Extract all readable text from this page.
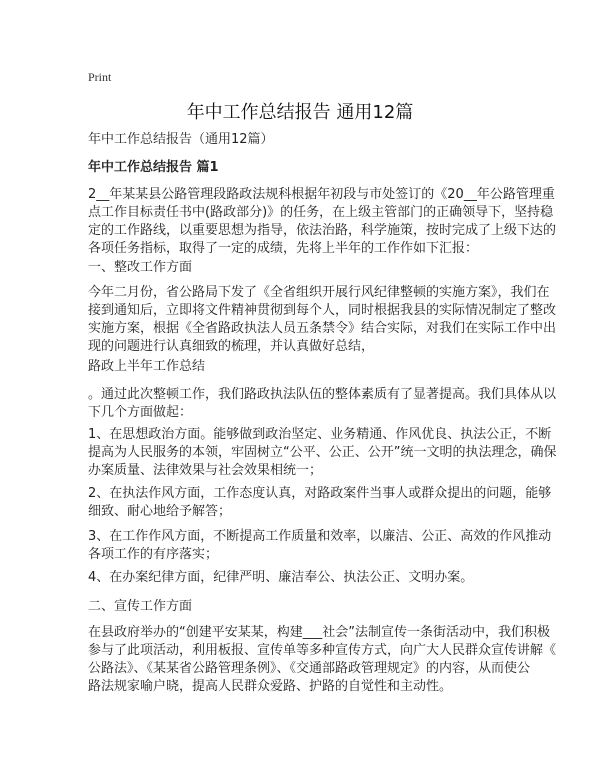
Print
年中工作总结报告 通用12篇
年中工作总结报告（通用12篇）
年中工作总结报告 篇1
2__年某某县公路管理段路政法规科根据年初段与市处签订的《20__年公路管理重
点工作目标责任书中(路政部分)》的任务，在上级主管部门的正确领导下，坚持稳
定的工作路线，以重要思想为指导，依法治路，科学施策，按时完成了上级下达的
各项任务指标，取得了一定的成绩，先将上半年的工作作如下汇报：
一、整改工作方面
今年二月份，省公路局下发了《全省组织开展行风纪律整顿的实施方案》，我们在
接到通知后，立即将文件精神贯彻到每个人，同时根据我县的实际情况制定了整改
实施方案，根据《全省路政执法人员五条禁令》结合实际，对我们在实际工作中出
现的问题进行认真细致的梳理，并认真做好总结，
路政上半年工作总结
。通过此次整顿工作，我们路政执法队伍的整体素质有了显著提高。我们具体从以
下几个方面做起：
1、在思想政治方面。能够做到政治坚定、业务精通、作风优良、执法公正，不断
提高为人民服务的本领，牢固树立“公平、公正、公开”统一文明的执法理念，确保
办案质量、法律效果与社会效果相统一；
2、在执法作风方面，工作态度认真，对路政案件当事人或群众提出的问题，能够
细致、耐心地给予解答；
3、在工作作风方面，不断提高工作质量和效率，以廉洁、公正、高效的作风推动
各项工作的有序落实；
4、在办案纪律方面，纪律严明、廉洁奉公、执法公正、文明办案。
二、宣传工作方面
在县政府举办的“创建平安某某，构建___社会”法制宣传一条街活动中，我们积极
参与了此项活动，利用板报、宣传单等多种宣传方式，向广大人民群众宣传讲解《
公路法》、《某某省公路管理条例》、《交通部路政管理规定》的内容，从而使公
路法规家喻户晓，提高人民群众爱路、护路的自觉性和主动性。
